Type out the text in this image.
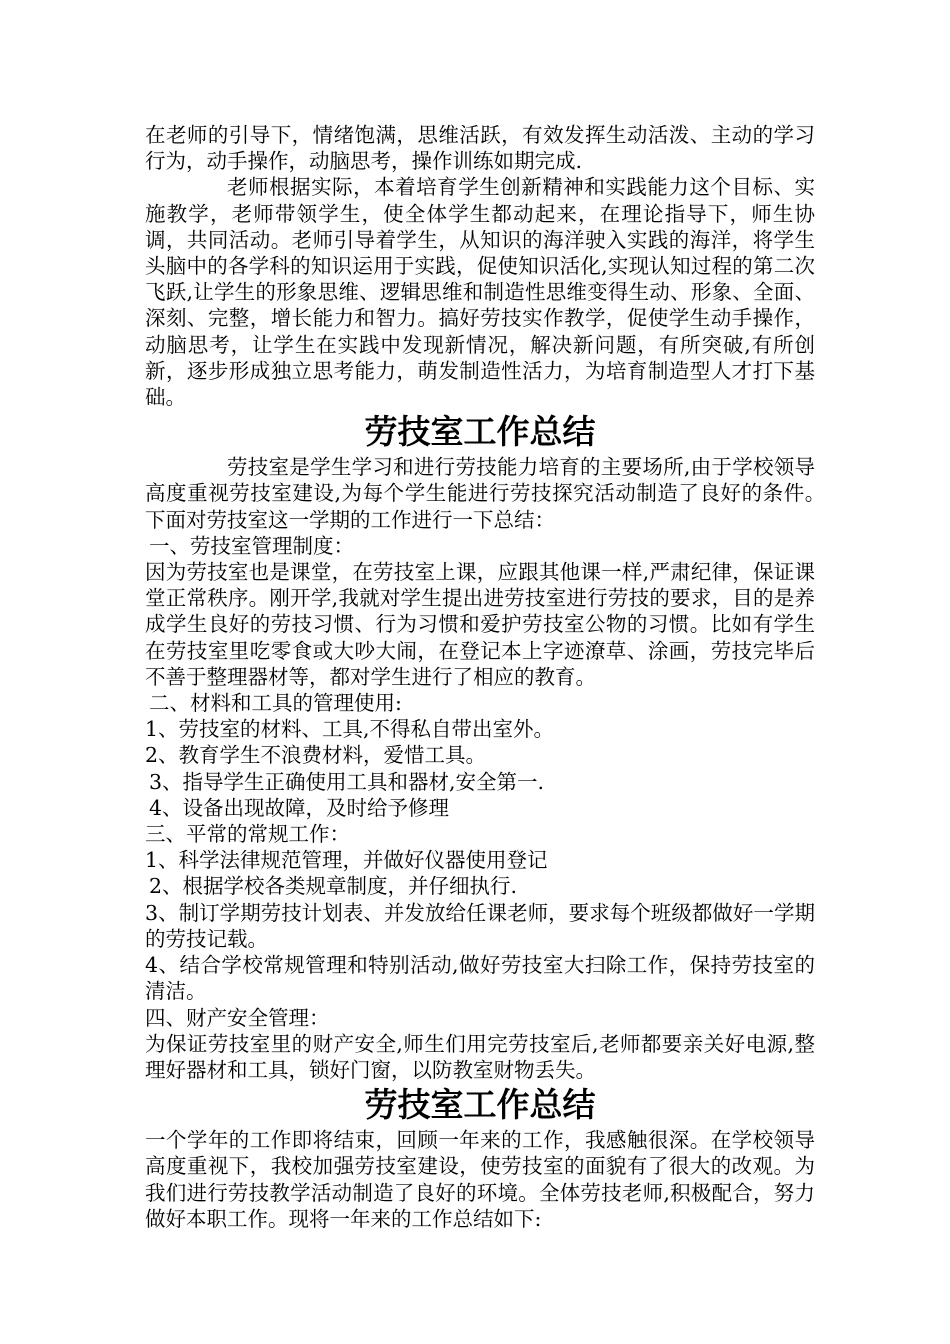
在老师的引导下，情绪饱满，思维活跃，有效发挥生动活泼、主动的学习行为，动手操作，动脑思考，操作训练如期完成.

老师根据实际，本着培育学生创新精神和实践能力这个目标、实施教学，老师带领学生，使全体学生都动起来，在理论指导下，师生协调，共同活动。老师引导着学生，从知识的海洋驶入实践的海洋，将学生头脑中的各学科的知识运用于实践，促使知识活化,实现认知过程的第二次飞跃,让学生的形象思维、逻辑思维和制造性思维变得生动、形象、全面、深刻、完整，增长能力和智力。搞好劳技实作教学，促使学生动手操作，动脑思考，让学生在实践中发现新情况，解决新问题，有所突破,有所创新，逐步形成独立思考能力，萌发制造性活力，为培育制造型人才打下基础。

劳技室工作总结

劳技室是学生学习和进行劳技能力培育的主要场所,由于学校领导高度重视劳技室建设,为每个学生能进行劳技探究活动制造了良好的条件。　下面对劳技室这一学期的工作进行一下总结：

一、劳技室管理制度：

因为劳技室也是课堂，在劳技室上课，应跟其他课一样,严肃纪律，保证课堂正常秩序。刚开学,我就对学生提出进劳技室进行劳技的要求，目的是养成学生良好的劳技习惯、行为习惯和爱护劳技室公物的习惯。比如有学生在劳技室里吃零食或大吵大闹，在登记本上字迹潦草、涂画，劳技完毕后不善于整理器材等，都对学生进行了相应的教育。

二、材料和工具的管理使用:

1、劳技室的材料、工具,不得私自带出室外。

2、教育学生不浪费材料，爱惜工具。

3、指导学生正确使用工具和器材,安全第一.

4、设备出现故障，及时给予修理

三、平常的常规工作：

1、科学法律规范管理，并做好仪器使用登记

2、根据学校各类规章制度，并仔细执行.

3、制订学期劳技计划表、并发放给任课老师，要求每个班级都做好一学期的劳技记载。

4、结合学校常规管理和特别活动,做好劳技室大扫除工作，保持劳技室的清洁。

四、财产安全管理：

为保证劳技室里的财产安全,师生们用完劳技室后,老师都要亲关好电源,整理好器材和工具，锁好门窗，以防教室财物丢失。

劳技室工作总结

一个学年的工作即将结束，回顾一年来的工作，我感触很深。在学校领导高度重视下，我校加强劳技室建设，使劳技室的面貌有了很大的改观。为我们进行劳技教学活动制造了良好的环境。全体劳技老师,积极配合，努力做好本职工作。现将一年来的工作总结如下:
